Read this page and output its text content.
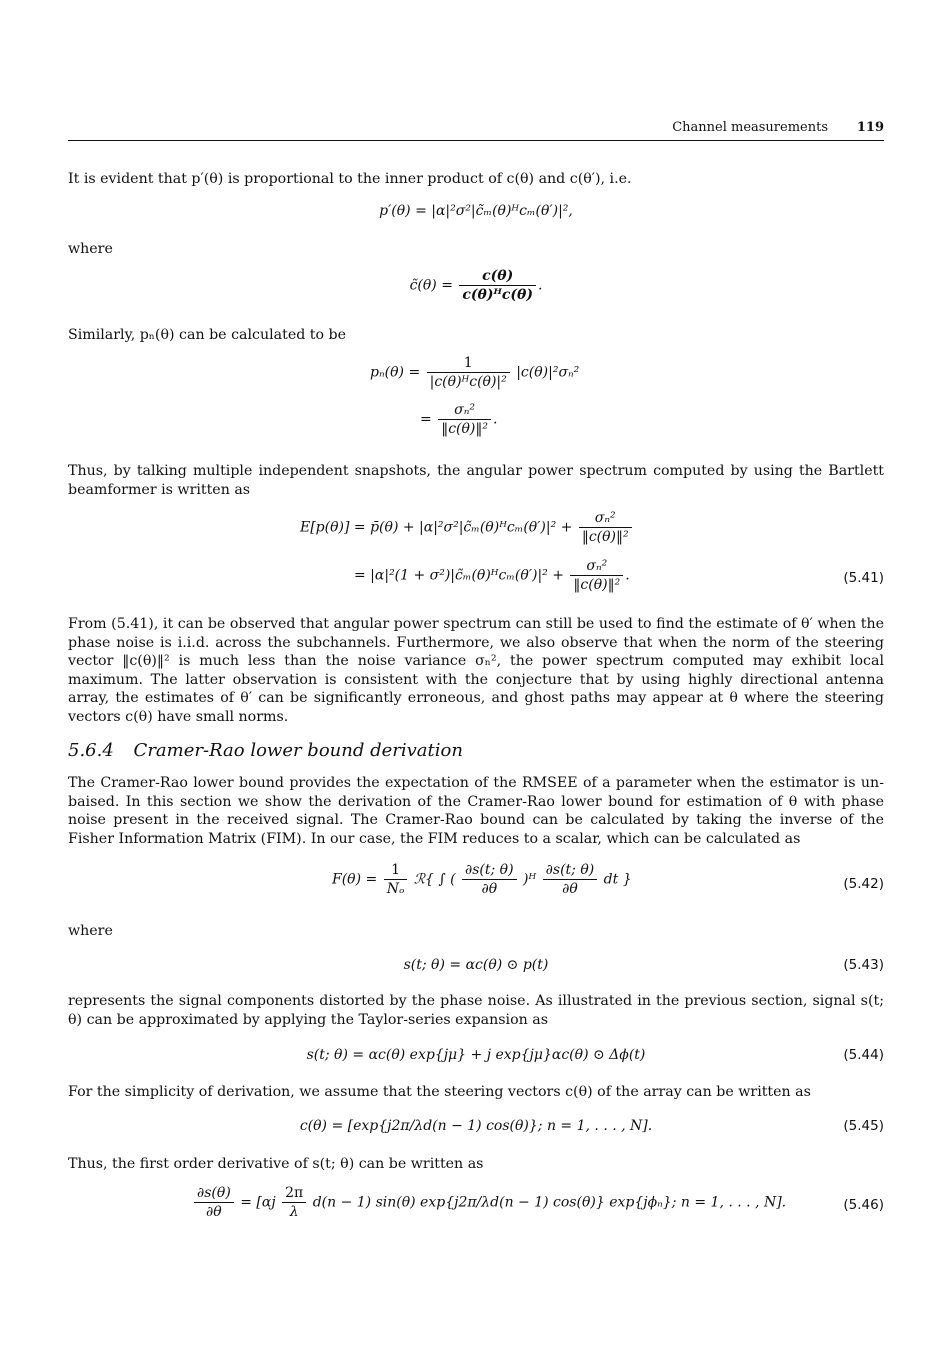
Channel measurements 119

It is evident that p′(θ) is proportional to the inner product of c(θ) and c(θ′), i.e.

p′(θ) = |α|²σ²|c̃ₘ(θ)ᴴcₘ(θ′)|²,

where

c̃(θ) = $\frac{c(\theta)}{\text{c(θ)ᴴc(θ)}}$ .

Similarly, pₙ(θ) can be calculated to be

$p_n(\theta) = \frac{1}{\text{|c(θ)ᴴc(θ)|²}} |c(\theta)|^2\sigma_n^2$
= $\frac{\text{σₙ²}}{\text{‖c(θ)‖²}}$ .

Thus, by talking multiple independent snapshots, the angular power spectrum computed by using the Bartlett beamformer is written as

E[p(θ)] = p̄(θ) + |α|²σ²|c̃ₘ(θ)ᴴcₘ(θ′)|² + $\frac{\text{σₙ²}}{\text{‖c(θ)‖²}}$
= |α|²(1 + σ²)|c̃ₘ(θ)ᴴcₘ(θ′)|² + $\frac{\text{σₙ²}}{\text{‖c(θ)‖²}}$ .	(5.41)

From (5.41), it can be observed that angular power spectrum can still be used to find the estimate of θ′ when the phase noise is i.i.d. across the subchannels. Furthermore, we also observe that when the norm of the steering vector ‖c(θ)‖² is much less than the noise variance σₙ², the power spectrum computed may exhibit local maximum. The latter observation is consistent with the conjecture that by using highly directional antenna array, the estimates of θ′ can be significantly erroneous, and ghost paths may appear at θ where the steering vectors c(θ) have small norms.

5.6.4 Cramer-Rao lower bound derivation

The Cramer-Rao lower bound provides the expectation of the RMSEE of a parameter when the estimator is un-baised. In this section we show the derivation of the Cramer-Rao lower bound for estimation of θ with phase noise present in the received signal. The Cramer-Rao bound can be calculated by taking the inverse of the Fisher Information Matrix (FIM). In our case, the FIM reduces to a scalar, which can be calculated as

$F(\theta) = \frac{1}{\text{Nₒ}}$ ℛ{ ∫ ( $\frac{\partial s(t; \theta)}{\partial\theta}$ )ᴴ $\frac{\partial s(t; \theta)}{\partial\theta}$ dt }	(5.42)

where

s(t; θ) = αc(θ) ⊙ p(t)	(5.43)

represents the signal components distorted by the phase noise. As illustrated in the previous section, signal s(t; θ) can be approximated by applying the Taylor-series expansion as

s(t; θ) = αc(θ) exp{jμ} + j exp{jμ}αc(θ) ⊙ Δϕ(t)	(5.44)

For the simplicity of derivation, we assume that the steering vectors c(θ) of the array can be written as

c(θ) = [exp{j2π/λd(n − 1) cos(θ)}; n = 1, . . . , N].	(5.45)

Thus, the first order derivative of s(t; θ) can be written as

$\frac{\partial s(\theta)}{\partial\theta} = [\alpha j \frac{2\pi}{\lambda} d(n - 1)$ sin(θ) exp{j2π/λd(n − 1) cos(θ)} exp{jϕₙ}; n = 1, . . . , N].	(5.46)
